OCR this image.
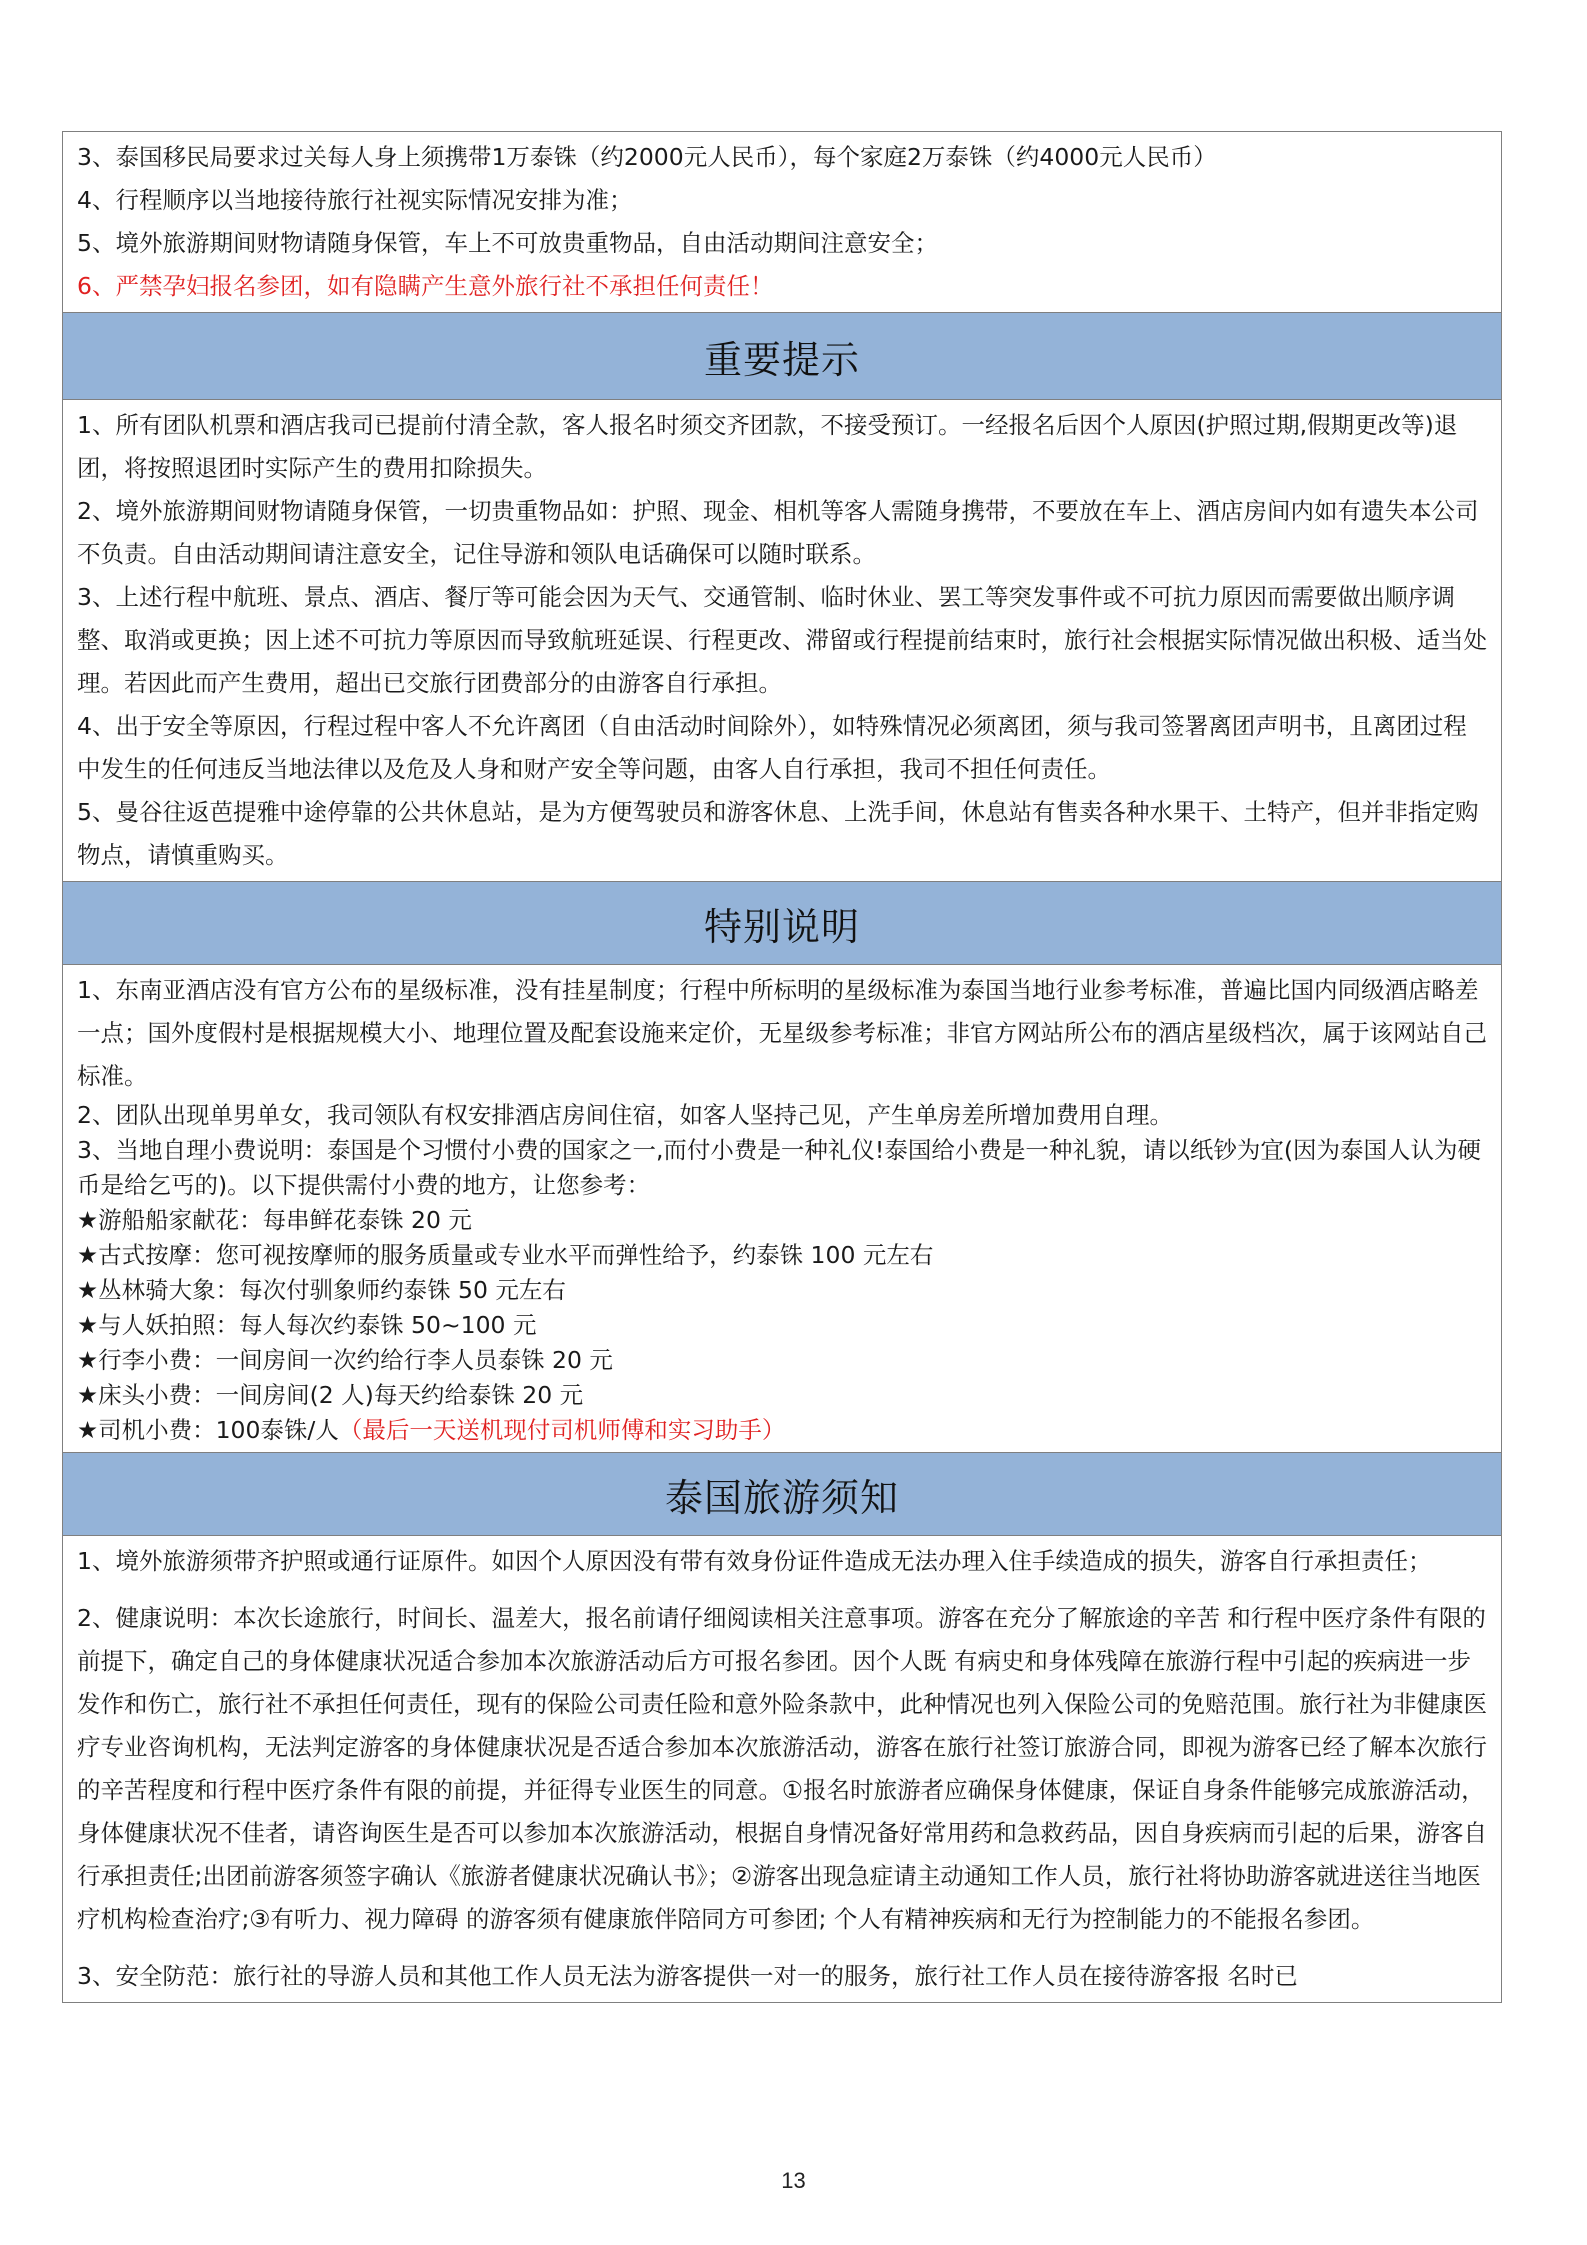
3、泰国移民局要求过关每人身上须携带1万泰铢（约2000元人民币），每个家庭2万泰铢（约4000元人民币）

4、行程顺序以当地接待旅行社视实际情况安排为准；

5、境外旅游期间财物请随身保管，车上不可放贵重物品，自由活动期间注意安全；

6、严禁孕妇报名参团，如有隐瞒产生意外旅行社不承担任何责任！

重要提示

1、所有团队机票和酒店我司已提前付清全款，客人报名时须交齐团款，不接受预订。一经报名后因个人原因(护照过期,假期更改等)退团，将按照退团时实际产生的费用扣除损失。

2、境外旅游期间财物请随身保管，一切贵重物品如：护照、现金、相机等客人需随身携带，不要放在车上、酒店房间内如有遗失本公司不负责。自由活动期间请注意安全，记住导游和领队电话确保可以随时联系。

3、上述行程中航班、景点、酒店、餐厅等可能会因为天气、交通管制、临时休业、罢工等突发事件或不可抗力原因而需要做出顺序调整、取消或更换；因上述不可抗力等原因而导致航班延误、行程更改、滞留或行程提前结束时，旅行社会根据实际情况做出积极、适当处理。若因此而产生费用，超出已交旅行团费部分的由游客自行承担。

4、出于安全等原因，行程过程中客人不允许离团（自由活动时间除外），如特殊情况必须离团，须与我司签署离团声明书，且离团过程中发生的任何违反当地法律以及危及人身和财产安全等问题，由客人自行承担，我司不担任何责任。

5、曼谷往返芭提雅中途停靠的公共休息站，是为方便驾驶员和游客休息、上洗手间，休息站有售卖各种水果干、土特产，但并非指定购物点，请慎重购买。

特别说明

1、东南亚酒店没有官方公布的星级标准，没有挂星制度；行程中所标明的星级标准为泰国当地行业参考标准，普遍比国内同级酒店略差一点；国外度假村是根据规模大小、地理位置及配套设施来定价，无星级参考标准；非官方网站所公布的酒店星级档次，属于该网站自己标准。

2、团队出现单男单女，我司领队有权安排酒店房间住宿，如客人坚持己见，产生单房差所增加费用自理。

3、当地自理小费说明：泰国是个习惯付小费的国家之一,而付小费是一种礼仪!泰国给小费是一种礼貌，请以纸钞为宜(因为泰国人认为硬币是给乞丐的)。以下提供需付小费的地方，让您参考：

★游船船家献花：每串鲜花泰铢 20 元

★古式按摩：您可视按摩师的服务质量或专业水平而弹性给予，约泰铢 100 元左右

★丛林骑大象：每次付驯象师约泰铢 50 元左右

★与人妖拍照：每人每次约泰铢 50~100 元

★行李小费：一间房间一次约给行李人员泰铢 20 元

★床头小费：一间房间(2 人)每天约给泰铢 20 元

★司机小费：100泰铢/人（最后一天送机现付司机师傅和实习助手）

泰国旅游须知

1、境外旅游须带齐护照或通行证原件。如因个人原因没有带有效身份证件造成无法办理入住手续造成的损失，游客自行承担责任；

2、健康说明：本次长途旅行，时间长、温差大，报名前请仔细阅读相关注意事项。游客在充分了解旅途的辛苦 和行程中医疗条件有限的前提下，确定自己的身体健康状况适合参加本次旅游活动后方可报名参团。因个人既 有病史和身体残障在旅游行程中引起的疾病进一步发作和伤亡，旅行社不承担任何责任，现有的保险公司责任险和意外险条款中，此种情况也列入保险公司的免赔范围。旅行社为非健康医疗专业咨询机构，无法判定游客的身体健康状况是否适合参加本次旅游活动，游客在旅行社签订旅游合同，即视为游客已经了解本次旅行的辛苦程度和行程中医疗条件有限的前提，并征得专业医生的同意。①报名时旅游者应确保身体健康，保证自身条件能够完成旅游活动，身体健康状况不佳者，请咨询医生是否可以参加本次旅游活动，根据自身情况备好常用药和急救药品，因自身疾病而引起的后果，游客自行承担责任;出团前游客须签字确认《旅游者健康状况确认书》；②游客出现急症请主动通知工作人员，旅行社将协助游客就进送往当地医疗机构检查治疗;③有听力、视力障碍 的游客须有健康旅伴陪同方可参团; 个人有精神疾病和无行为控制能力的不能报名参团。

3、安全防范：旅行社的导游人员和其他工作人员无法为游客提供一对一的服务，旅行社工作人员在接待游客报 名时已

13
